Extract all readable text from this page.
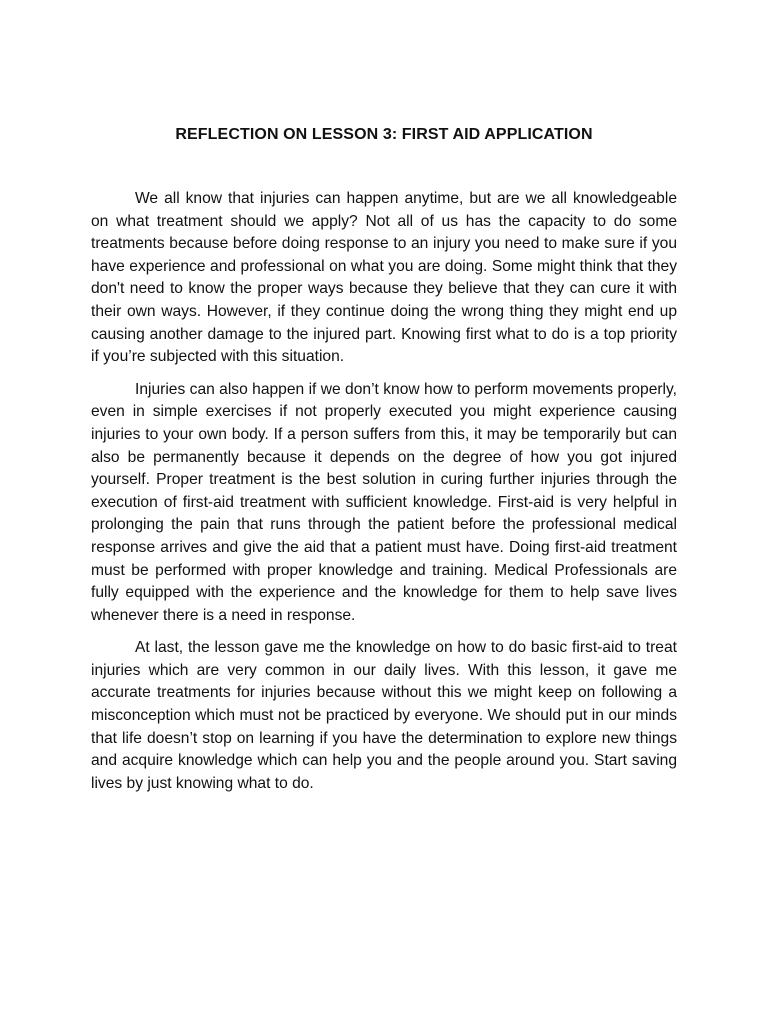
REFLECTION ON LESSON 3: FIRST AID APPLICATION

We all know that injuries can happen anytime, but are we all knowledgeable on what treatment should we apply? Not all of us has the capacity to do some treatments because before doing response to an injury you need to make sure if you have experience and professional on what you are doing. Some might think that they don't need to know the proper ways because they believe that they can cure it with their own ways. However, if they continue doing the wrong thing they might end up causing another damage to the injured part. Knowing first what to do is a top priority if you’re subjected with this situation.

Injuries can also happen if we don’t know how to perform movements properly, even in simple exercises if not properly executed you might experience causing injuries to your own body. If a person suffers from this, it may be temporarily but can also be permanently because it depends on the degree of how you got injured yourself. Proper treatment is the best solution in curing further injuries through the execution of first-aid treatment with sufficient knowledge. First-aid is very helpful in prolonging the pain that runs through the patient before the professional medical response arrives and give the aid that a patient must have. Doing first-aid treatment must be performed with proper knowledge and training. Medical Professionals are fully equipped with the experience and the knowledge for them to help save lives whenever there is a need in response.

At last, the lesson gave me the knowledge on how to do basic first-aid to treat injuries which are very common in our daily lives. With this lesson, it gave me accurate treatments for injuries because without this we might keep on following a misconception which must not be practiced by everyone. We should put in our minds that life doesn’t stop on learning if you have the determination to explore new things and acquire knowledge which can help you and the people around you. Start saving lives by just knowing what to do.
